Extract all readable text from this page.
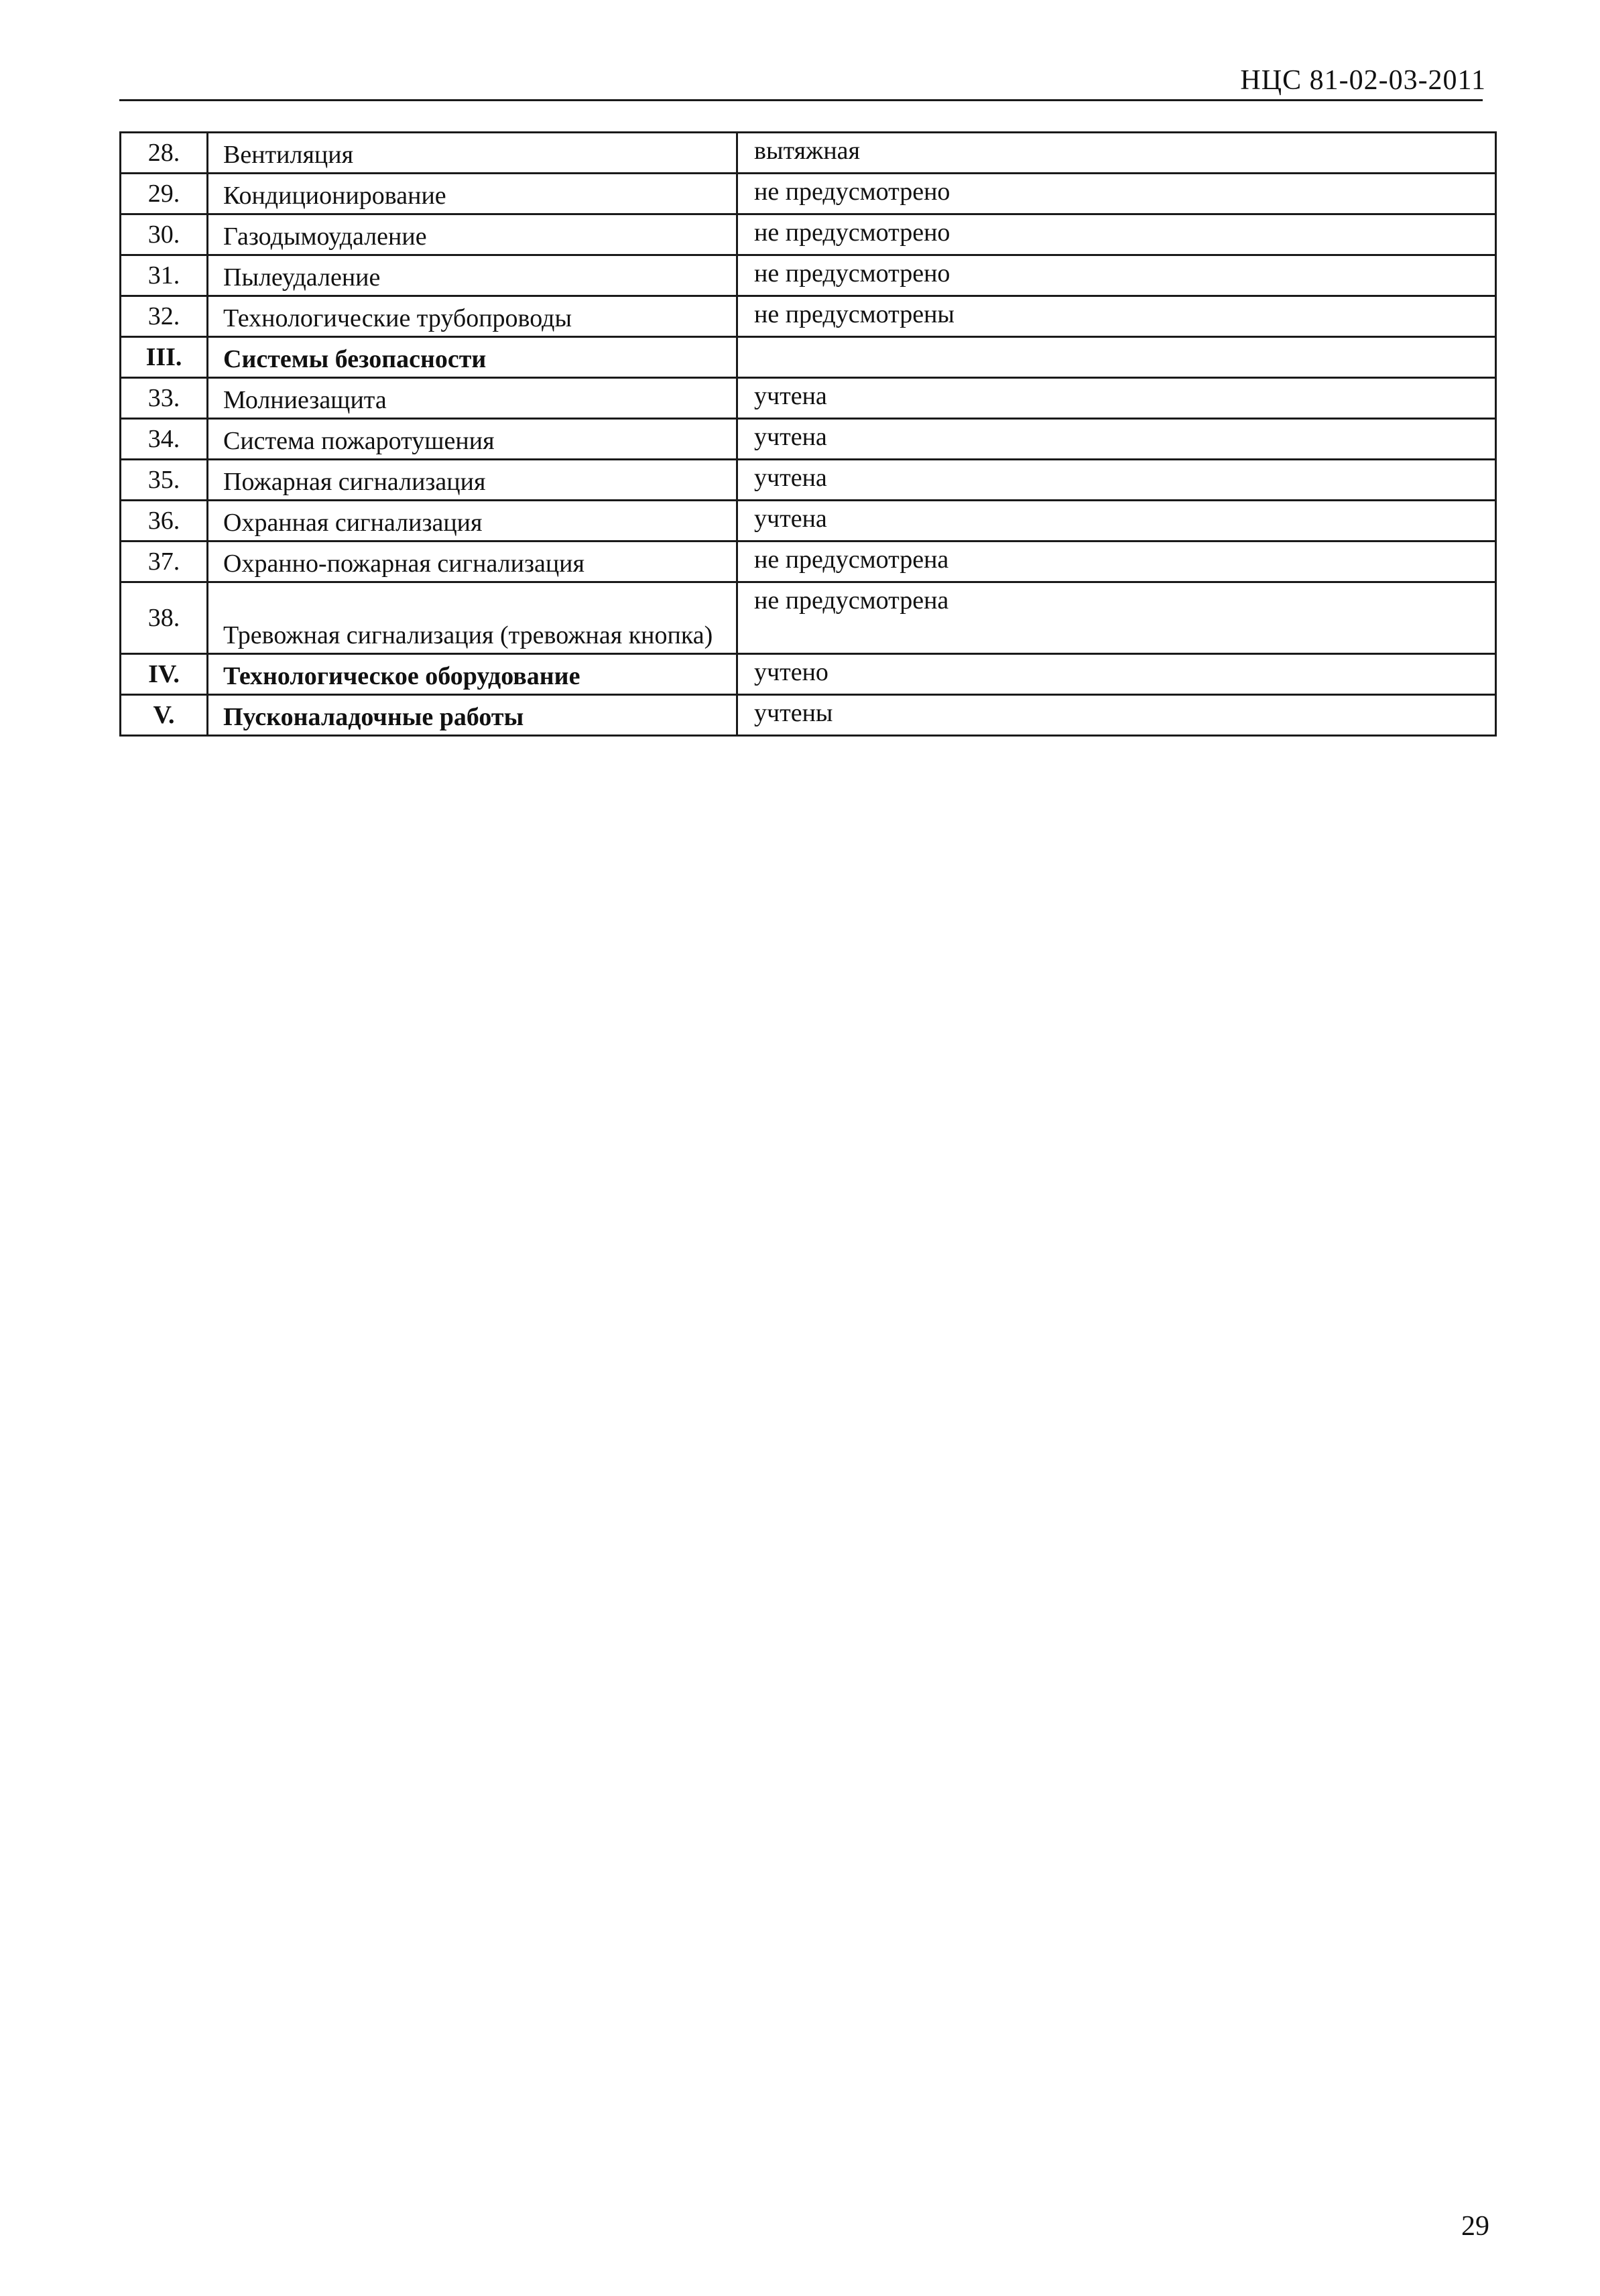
НЦС 81-02-03-2011
28.	Вентиляция	вытяжная
29.	Кондиционирование	не предусмотрено
30.	Газодымоудаление	не предусмотрено
31.	Пылеудаление	не предусмотрено
32.	Технологические трубопроводы	не предусмотрены
III.	Системы безопасности	
33.	Молниезащита	учтена
34.	Система пожаротушения	учтена
35.	Пожарная сигнализация	учтена
36.	Охранная сигнализация	учтена
37.	Охранно-пожарная сигнализация	не предусмотрена
38.	Тревожная сигнализация (тревожная кнопка)	не предусмотрена
IV.	Технологическое оборудование	учтено
V.	Пусконаладочные работы	учтены
29
